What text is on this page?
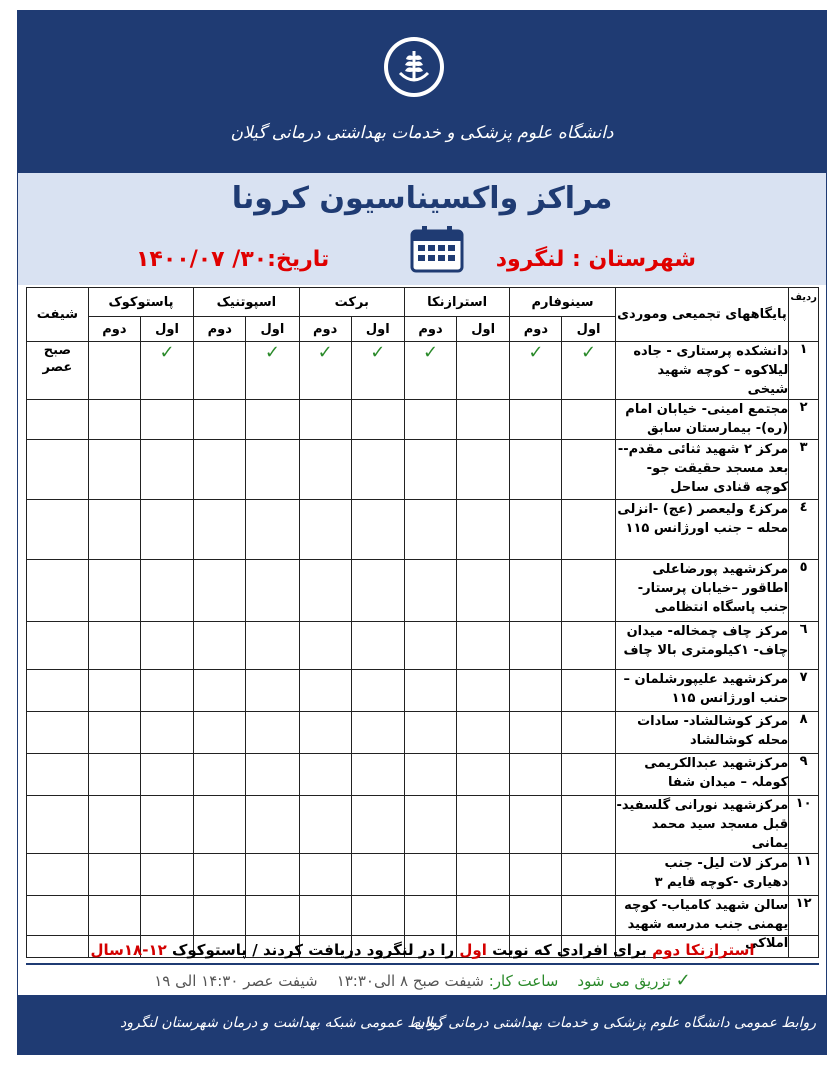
دانشگاه علوم پزشکی و خدمات بهداشتی درمانی گیلان
مراکز واکسیناسیون کرونا
شهرستان : لنگرود
تاریخ:۳۰/ ۱۴۰۰/۰۷
ردیف	پایگاههای تجمیعی وموردی	سینوفارم		استرازنکا		برکت		اسپوتنیک		پاستوکوک		شیفت
		اول	دوم	اول	دوم	اول	دوم	اول	دوم	اول	دوم	
۱	دانشکده پرستاری - جاده لیلاکوه – کوچه شهید شیخی	✓	✓		✓	✓	✓	✓		✓		صبح عصر
۲	مجتمع امینی- خیابان امام (ره)- بیمارستان سابق											
۳	مرکز ۲ شهید ثنائی مقدم-- بعد مسجد حقیقت جو- کوچه قنادی ساحل											
٤	مرکز٤ ولیعصر (عج) -انزلی محله – جنب اورژانس ۱۱۵											
٥	مرکزشهید پورضاعلی اطاقور –خیابان پرستار- جنب پاسگاه انتظامی											
٦	مرکز چاف چمخاله- میدان چاف- ۱کیلومتری بالا چاف											
۷	مرکزشهید علیپورشلمان – حنب اورژانس ۱۱۵											
۸	مرکز کوشالشاد- سادات محله کوشالشاد											
۹	مرکزشهید عبدالکریمی کوملہ – میدان شفا											
۱۰	مرکزشهید نورانی گلسفید- قبل مسجد سید محمد یمانی											
۱۱	مرکز لات لیل- جنب دهیاری -کوچه قایم ۳											
۱۲	سالن شهید کامیاب- کوچه یهمنی جنب مدرسه شهید املاکی											
استرازنکا دوم برای افرادی که نوبت اول را در لنگرود دریافت کردند / پاستوکوک ۱۲-۱۸سال
✓ تزریق می شود    ساعت کار: شیفت صبح ۸ الی۱۳:۳۰    شیفت عصر ۱۴:۳۰ الی ۱۹
روابط عمومی دانشگاه علوم پزشکی و خدمات بهداشتی درمانی گیلان
روابط عمومی شبکه بهداشت و درمان شهرستان لنگرود
